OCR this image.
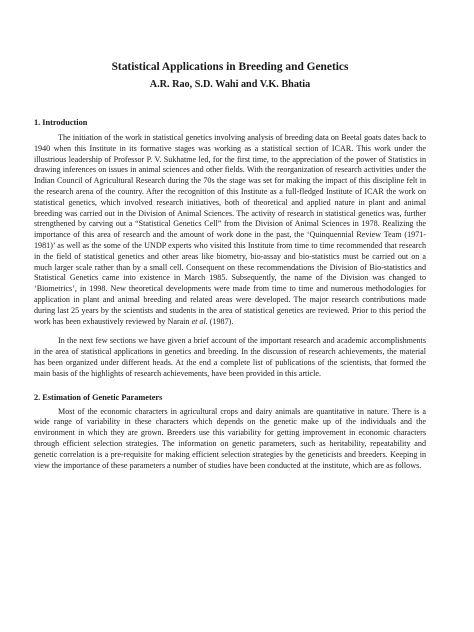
Statistical Applications in Breeding and Genetics
A.R. Rao, S.D. Wahi and V.K. Bhatia
1. Introduction

The initiation of the work in statistical genetics involving analysis of breeding data on Beetal goats dates back to 1940 when this Institute in its formative stages was working as a statistical section of ICAR. This work under the illustrious leadership of Professor P. V. Sukhatme led, for the first time, to the appreciation of the power of Statistics in drawing inferences on issues in animal sciences and other fields. With the reorganization of research activities under the Indian Council of Agricultural Research during the 70s the stage was set for making the impact of this discipline felt in the research arena of the country. After the recognition of this Institute as a full-fledged Institute of ICAR the work on statistical genetics, which involved research initiatives, both of theoretical and applied nature in plant and animal breeding was carried out in the Division of Animal Sciences. The activity of research in statistical genetics was, further strengthened by carving out a “Statistical Genetics Cell” from the Division of Animal Sciences in 1978. Realizing the importance of this area of research and the amount of work done in the past, the ‘Quinquennial Review Team (1971-1981)’ as well as the some of the UNDP experts who visited this Institute from time to time recommended that research in the field of statistical genetics and other areas like biometry, bio-assay and bio-statistics must be carried out on a much larger scale rather than by a small cell. Consequent on these recommendations the Division of Bio-statistics and Statistical Genetics came into existence in March 1985. Subsequently, the name of the Division was changed to ‘Biometrics’, in 1998. New theoretical developments were made from time to time and numerous methodologies for application in plant and animal breeding and related areas were developed. The major research contributions made during last 25 years by the scientists and students in the area of statistical genetics are reviewed. Prior to this period the work has been exhaustively reviewed by Narain et al. (1987).

In the next few sections we have given a brief account of the important research and academic accomplishments in the area of statistical applications in genetics and breeding. In the discussion of research achievements, the material has been organized under different heads. At the end a complete list of publications of the scientists, that formed the main basis of the highlights of research achievements, have been provided in this article.

2. Estimation of Genetic Parameters

Most of the economic characters in agricultural crops and dairy animals are quantitative in nature. There is a wide range of variability in these characters which depends on the genetic make up of the individuals and the environment in which they are grown. Breeders use this variability for getting improvement in economic characters through efficient selection strategies. The information on genetic parameters, such as heritability, repeatability and genetic correlation is a pre-requisite for making efficient selection strategies by the geneticists and breeders. Keeping in view the importance of these parameters a number of studies have been conducted at the institute, which are as follows.
